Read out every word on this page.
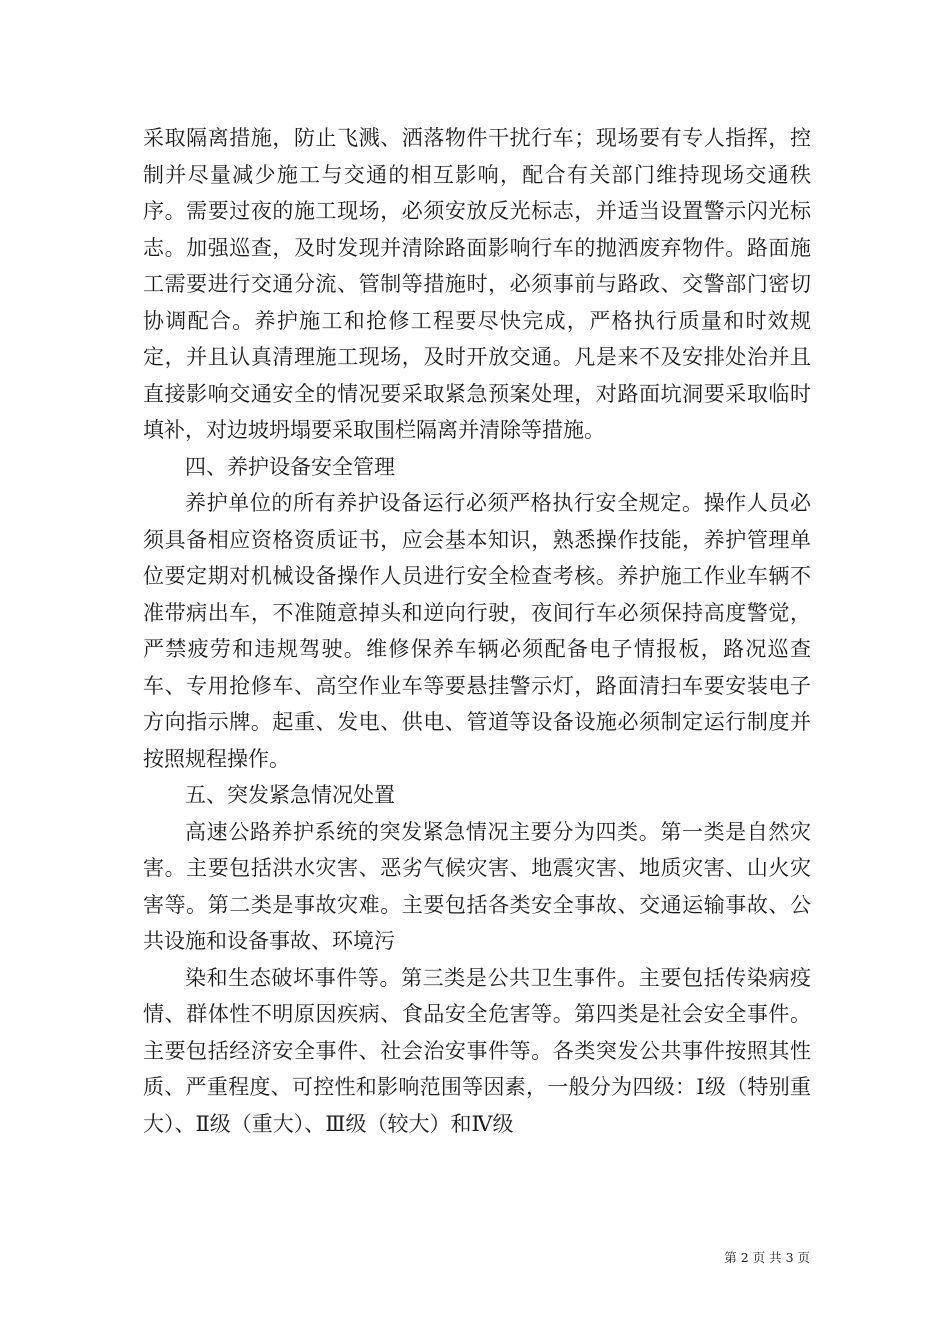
采取隔离措施，防止飞溅、洒落物件干扰行车；现场要有专人指挥，控制并尽量减少施工与交通的相互影响，配合有关部门维持现场交通秩序。需要过夜的施工现场，必须安放反光标志，并适当设置警示闪光标志。加强巡查，及时发现并清除路面影响行车的抛洒废弃物件。路面施工需要进行交通分流、管制等措施时，必须事前与路政、交警部门密切协调配合。养护施工和抢修工程要尽快完成，严格执行质量和时效规定，并且认真清理施工现场，及时开放交通。凡是来不及安排处治并且直接影响交通安全的情况要采取紧急预案处理，对路面坑洞要采取临时填补，对边坡坍塌要采取围栏隔离并清除等措施。

四、养护设备安全管理

养护单位的所有养护设备运行必须严格执行安全规定。操作人员必须具备相应资格资质证书，应会基本知识，熟悉操作技能，养护管理单位要定期对机械设备操作人员进行安全检查考核。养护施工作业车辆不准带病出车，不准随意掉头和逆向行驶，夜间行车必须保持高度警觉，严禁疲劳和违规驾驶。维修保养车辆必须配备电子情报板，路况巡查车、专用抢修车、高空作业车等要悬挂警示灯，路面清扫车要安装电子方向指示牌。起重、发电、供电、管道等设备设施必须制定运行制度并按照规程操作。

五、突发紧急情况处置

高速公路养护系统的突发紧急情况主要分为四类。第一类是自然灾害。主要包括洪水灾害、恶劣气候灾害、地震灾害、地质灾害、山火灾害等。第二类是事故灾难。主要包括各类安全事故、交通运输事故、公共设施和设备事故、环境污

染和生态破坏事件等。第三类是公共卫生事件。主要包括传染病疫情、群体性不明原因疾病、食品安全危害等。第四类是社会安全事件。主要包括经济安全事件、社会治安事件等。各类突发公共事件按照其性质、严重程度、可控性和影响范围等因素，一般分为四级：Ⅰ级（特别重大）、Ⅱ级（重大）、Ⅲ级（较大）和Ⅳ级

第 2 页 共 3 页
